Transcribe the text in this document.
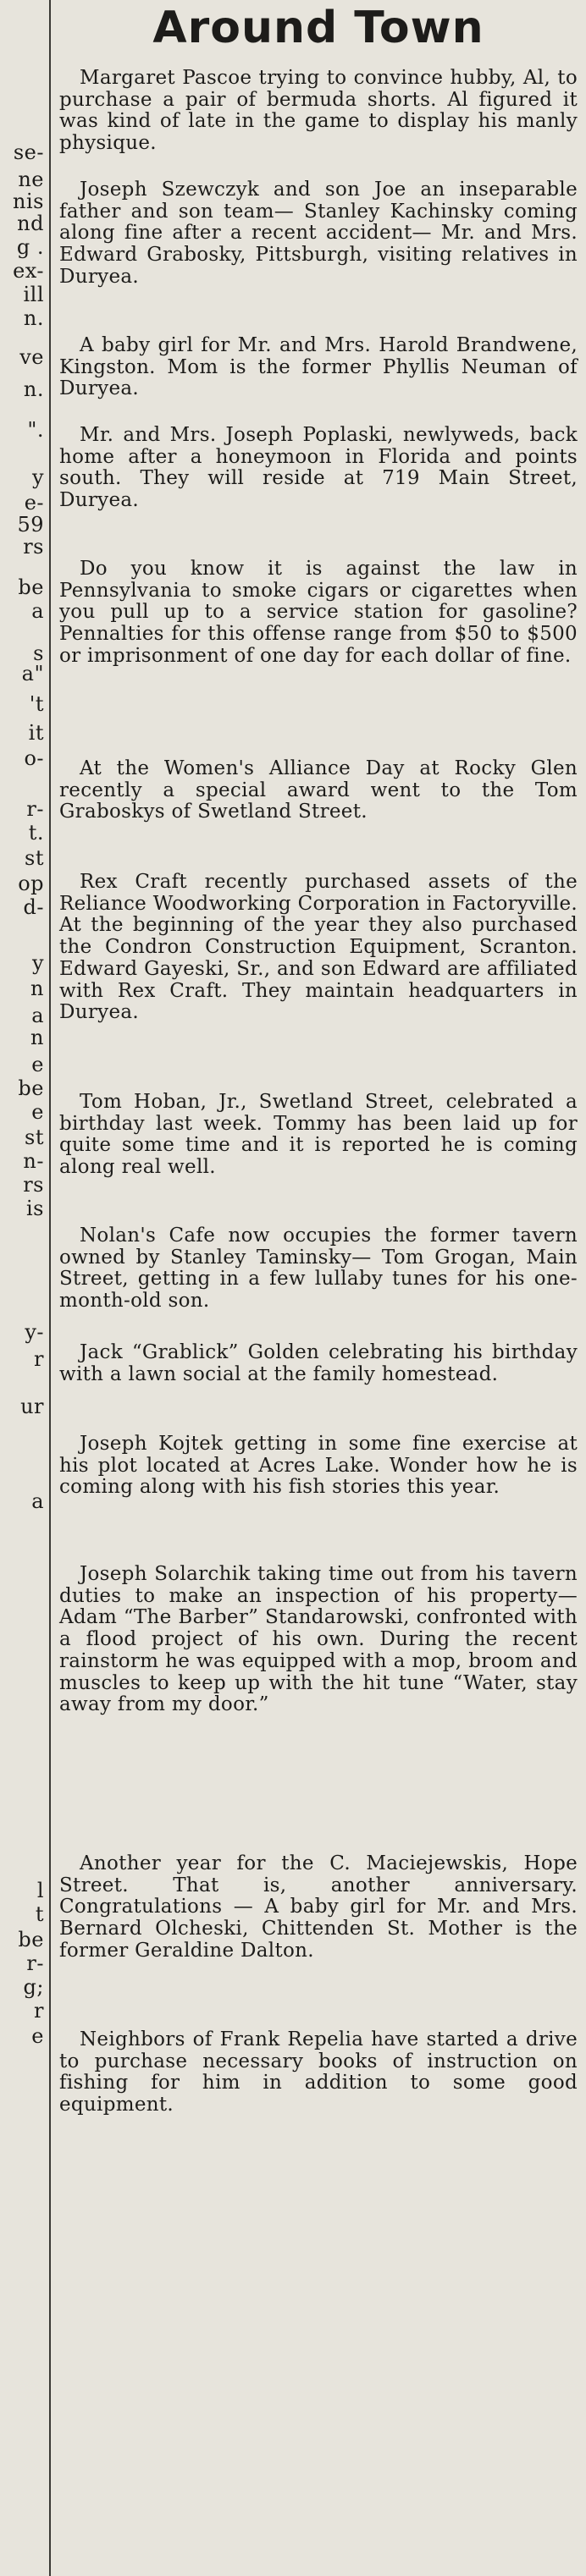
se-
ne
nis
nd
g .
ex-
ill
n.
ve
n.
".
y
e-
59
rs
be
a
s
a"
't
it
o-
r-
t.
st
op
d-
y
n
a
n
e
be
e
st
n-
rs
is
y-
r
ur
a
l
t
be
r-
g;
r
e
Around Town

Margaret Pascoe trying to convince hubby, Al, to purchase a pair of bermuda shorts. Al figured it was kind of late in the game to display his manly physique.

Joseph Szewczyk and son Joe an inseparable father and son team— Stanley Kachinsky coming along fine after a recent accident— Mr. and Mrs. Edward Grabosky, Pittsburgh, visiting relatives in Duryea.

A baby girl for Mr. and Mrs. Harold Brandwene, Kingston. Mom is the former Phyllis Neuman of Duryea.

Mr. and Mrs. Joseph Poplaski, newlyweds, back home after a honeymoon in Florida and points south. They will reside at 719 Main Street, Duryea.

Do you know it is against the law in Pennsylvania to smoke cigars or cigarettes when you pull up to a service station for gasoline? Pennalties for this offense range from $50 to $500 or imprisonment of one day for each dollar of fine.

At the Women's Alliance Day at Rocky Glen recently a special award went to the Tom Graboskys of Swetland Street.

Rex Craft recently purchased assets of the Reliance Woodworking Corporation in Factoryville. At the beginning of the year they also purchased the Condron Construction Equipment, Scranton. Edward Gayeski, Sr., and son Edward are affiliated with Rex Craft. They maintain headquarters in Duryea.

Tom Hoban, Jr., Swetland Street, celebrated a birthday last week. Tommy has been laid up for quite some time and it is reported he is coming along real well.

Nolan's Cafe now occupies the former tavern owned by Stanley Taminsky— Tom Grogan, Main Street, getting in a few lullaby tunes for his one-month-old son.

Jack “Grablick” Golden celebrating his birthday with a lawn social at the family homestead.

Joseph Kojtek getting in some fine exercise at his plot located at Acres Lake. Wonder how he is coming along with his fish stories this year.

Joseph Solarchik taking time out from his tavern duties to make an inspection of his property— Adam “The Barber” Standarowski, confronted with a flood project of his own. During the recent rainstorm he was equipped with a mop, broom and muscles to keep up with the hit tune “Water, stay away from my door.”

Another year for the C. Maciejewskis, Hope Street. That is, another anniversary. Congratulations — A baby girl for Mr. and Mrs. Bernard Olcheski, Chittenden St. Mother is the former Geraldine Dalton.

Neighbors of Frank Repelia have started a drive to purchase necessary books of instruction on fishing for him in addition to some good equipment.
